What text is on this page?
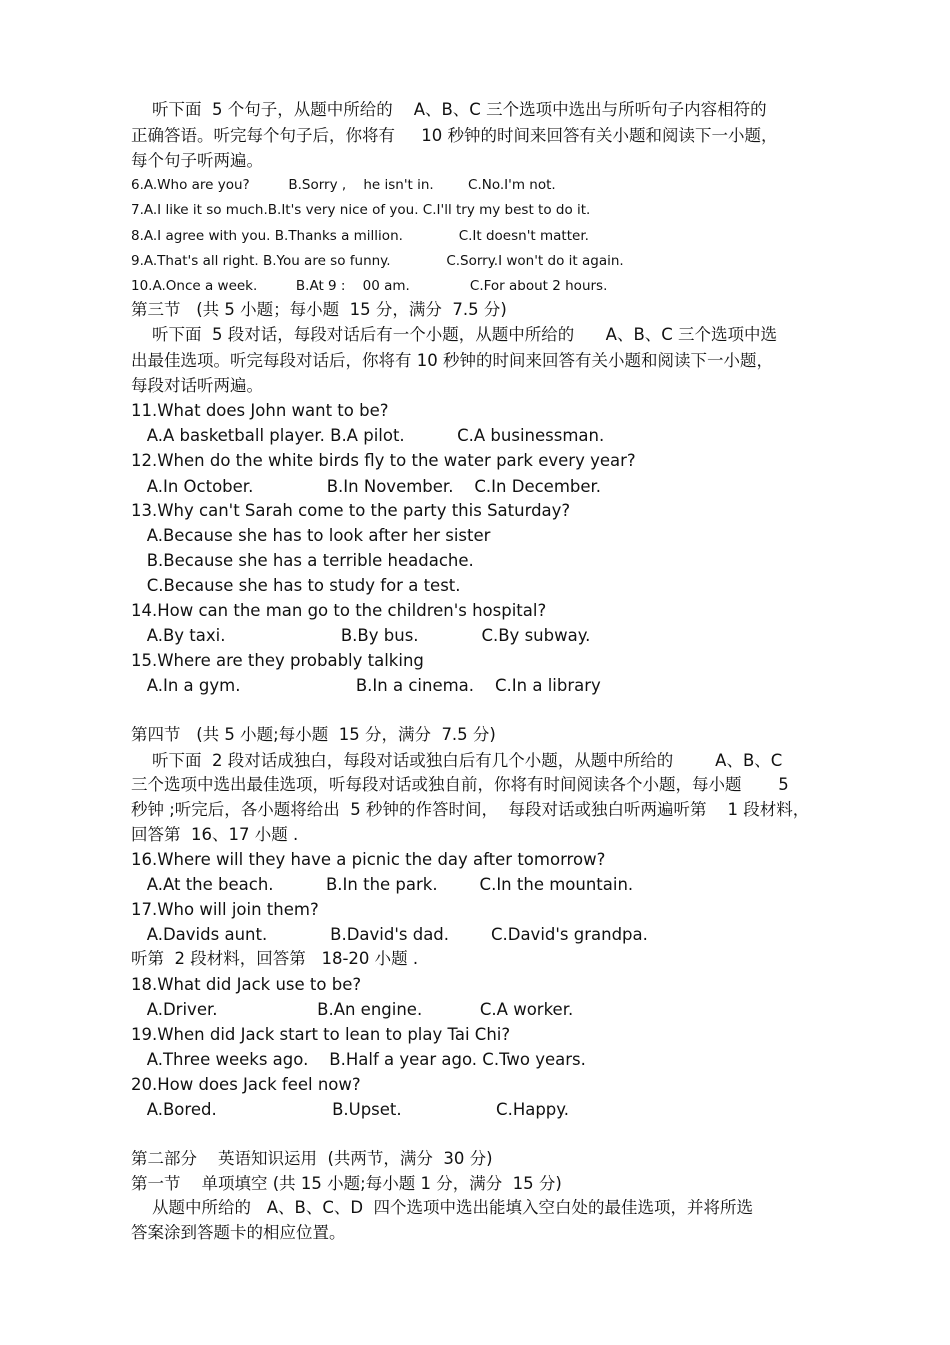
听下面  5 个句子，从题中所给的    A、B、C 三个选项中选出与所听句子内容相符的
正确答语。听完每个句子后，你将有     10 秒钟的时间来回答有关小题和阅读下一小题，
每个句子听两遍。
6.A.Who are you?         B.Sorry ,    he isn't in.        C.No.I'm not.
7.A.I like it so much.B.It's very nice of you. C.I'll try my best to do it.
8.A.I agree with you. B.Thanks a million.             C.It doesn't matter.
9.A.That's all right. B.You are so funny.             C.Sorry.I won't do it again.
10.A.Once a week.         B.At 9 :    00 am.              C.For about 2 hours.
第三节   (共 5 小题；每小题  15 分，满分  7.5 分)
听下面  5 段对话，每段对话后有一个小题，从题中所给的      A、B、C 三个选项中选
出最佳选项。听完每段对话后，你将有 10 秒钟的时间来回答有关小题和阅读下一小题，
每段对话听两遍。
11.What does John want to be?
A.A basketball player. B.A pilot.          C.A businessman.
12.When do the white birds fly to the water park every year?
A.In October.              B.In November.    C.In December.
13.Why can't Sarah come to the party this Saturday?
A.Because she has to look after her sister
B.Because she has a terrible headache.
C.Because she has to study for a test.
14.How can the man go to the children's hospital?
A.By taxi.                      B.By bus.            C.By subway.
15.Where are they probably talking
A.In a gym.                      B.In a cinema.    C.In a library
第四节   (共 5 小题;每小题  15 分，满分  7.5 分)
听下面  2 段对话成独白，每段对话或独白后有几个小题，从题中所给的        A、B、C
三个选项中选出最佳选项，听每段对话或独自前，你将有时间阅读各个小题，每小题       5
秒钟 ;听完后，各小题将给出  5 秒钟的作答时间，  每段对话或独白听两遍听第    1 段材料，
回答第  16、17 小题 .
16.Where will they have a picnic the day after tomorrow?
A.At the beach.          B.In the park.        C.In the mountain.
17.Who will join them?
A.Davids aunt.            B.David's dad.        C.David's grandpa.
听第  2 段材料，回答第   18-20 小题 .
18.What did Jack use to be?
A.Driver.                   B.An engine.           C.A worker.
19.When did Jack start to lean to play Tai Chi?
A.Three weeks ago.    B.Half a year ago. C.Two years.
20.How does Jack feel now?
A.Bored.                      B.Upset.                  C.Happy.
第二部分    英语知识运用  (共两节，满分  30 分)
第一节    单项填空 (共 15 小题;每小题 1 分，满分  15 分)
从题中所给的   A、B、C、D  四个选项中选出能填入空白处的最佳选项，并将所选
答案涂到答题卡的相应位置。
